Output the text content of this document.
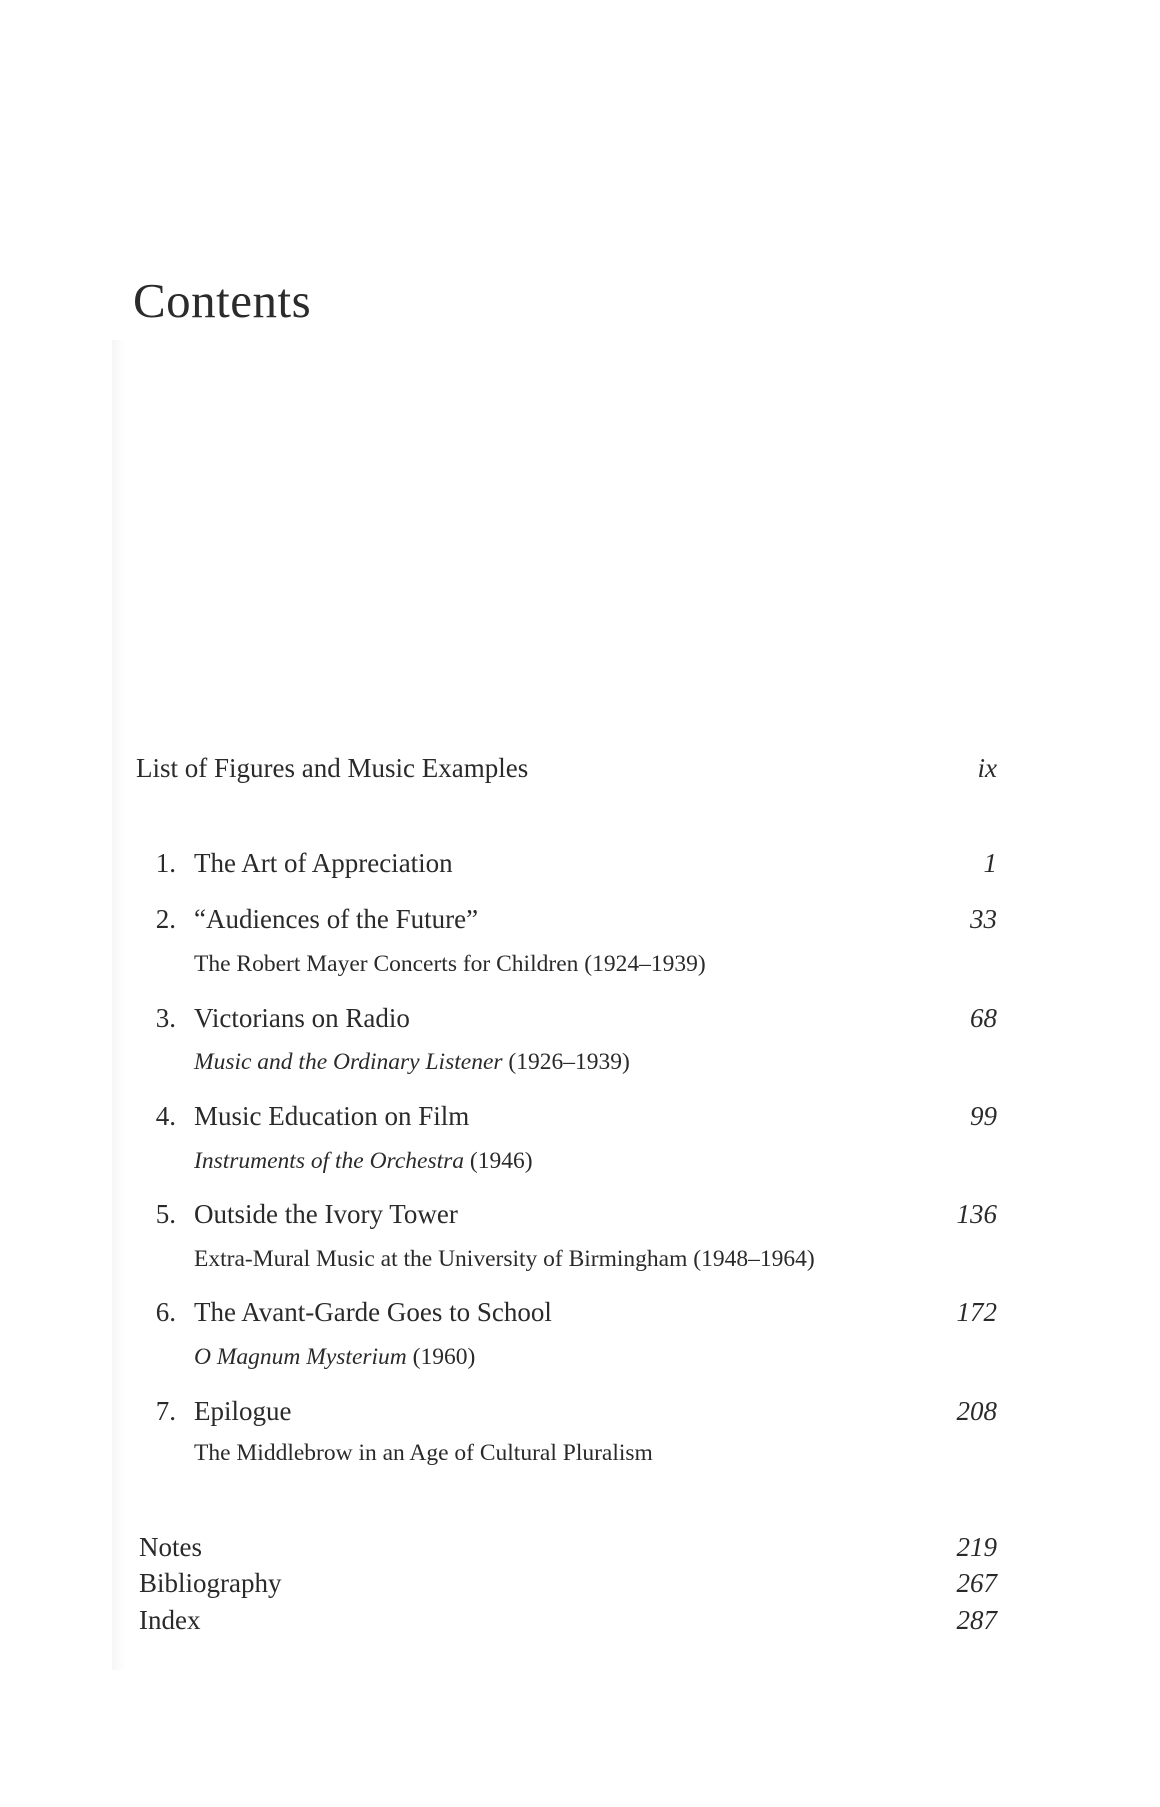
Contents
List of Figures and Music Examples	ix
1. The Art of Appreciation	1
2. “Audiences of the Future”	33
The Robert Mayer Concerts for Children (1924–1939)
3. Victorians on Radio	68
Music and the Ordinary Listener (1926–1939)
4. Music Education on Film	99
Instruments of the Orchestra (1946)
5. Outside the Ivory Tower	136
Extra-Mural Music at the University of Birmingham (1948–1964)
6. The Avant-Garde Goes to School	172
O Magnum Mysterium (1960)
7. Epilogue	208
The Middlebrow in an Age of Cultural Pluralism
Notes	219
Bibliography	267
Index	287
